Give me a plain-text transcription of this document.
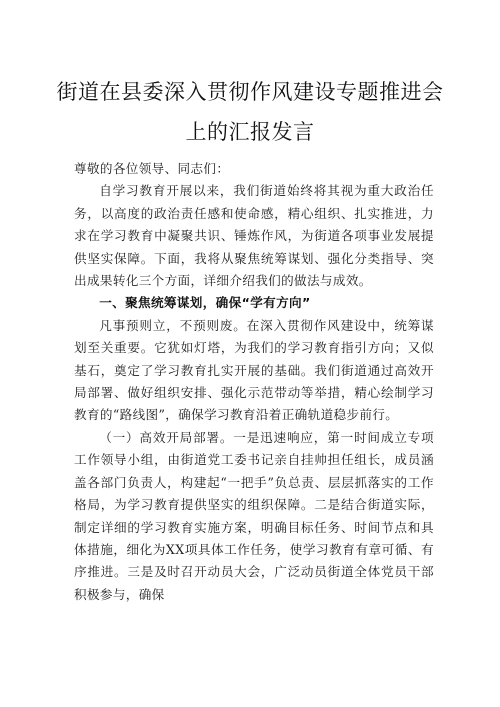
街道在县委深入贯彻作风建设专题推进会
上的汇报发言

尊敬的各位领导、同志们：

自学习教育开展以来，我们街道始终将其视为重大政治任务，以高度的政治责任感和使命感，精心组织、扎实推进，力求在学习教育中凝聚共识、锤炼作风，为街道各项事业发展提供坚实保障。下面，我将从聚焦统筹谋划、强化分类指导、突出成果转化三个方面，详细介绍我们的做法与成效。

一、聚焦统筹谋划，确保“学有方向”

凡事预则立，不预则废。在深入贯彻作风建设中，统筹谋划至关重要。它犹如灯塔，为我们的学习教育指引方向；又似基石，奠定了学习教育扎实开展的基础。我们街道通过高效开局部署、做好组织安排、强化示范带动等举措，精心绘制学习教育的“路线图”，确保学习教育沿着正确轨道稳步前行。

（一）高效开局部署。一是迅速响应，第一时间成立专项工作领导小组，由街道党工委书记亲自挂帅担任组长，成员涵盖各部门负责人，构建起“一把手”负总责、层层抓落实的工作格局，为学习教育提供坚实的组织保障。二是结合街道实际，制定详细的学习教育实施方案，明确目标任务、时间节点和具体措施，细化为XX项具体工作任务，使学习教育有章可循、有序推进。三是及时召开动员大会，广泛动员街道全体党员干部积极参与，确保
